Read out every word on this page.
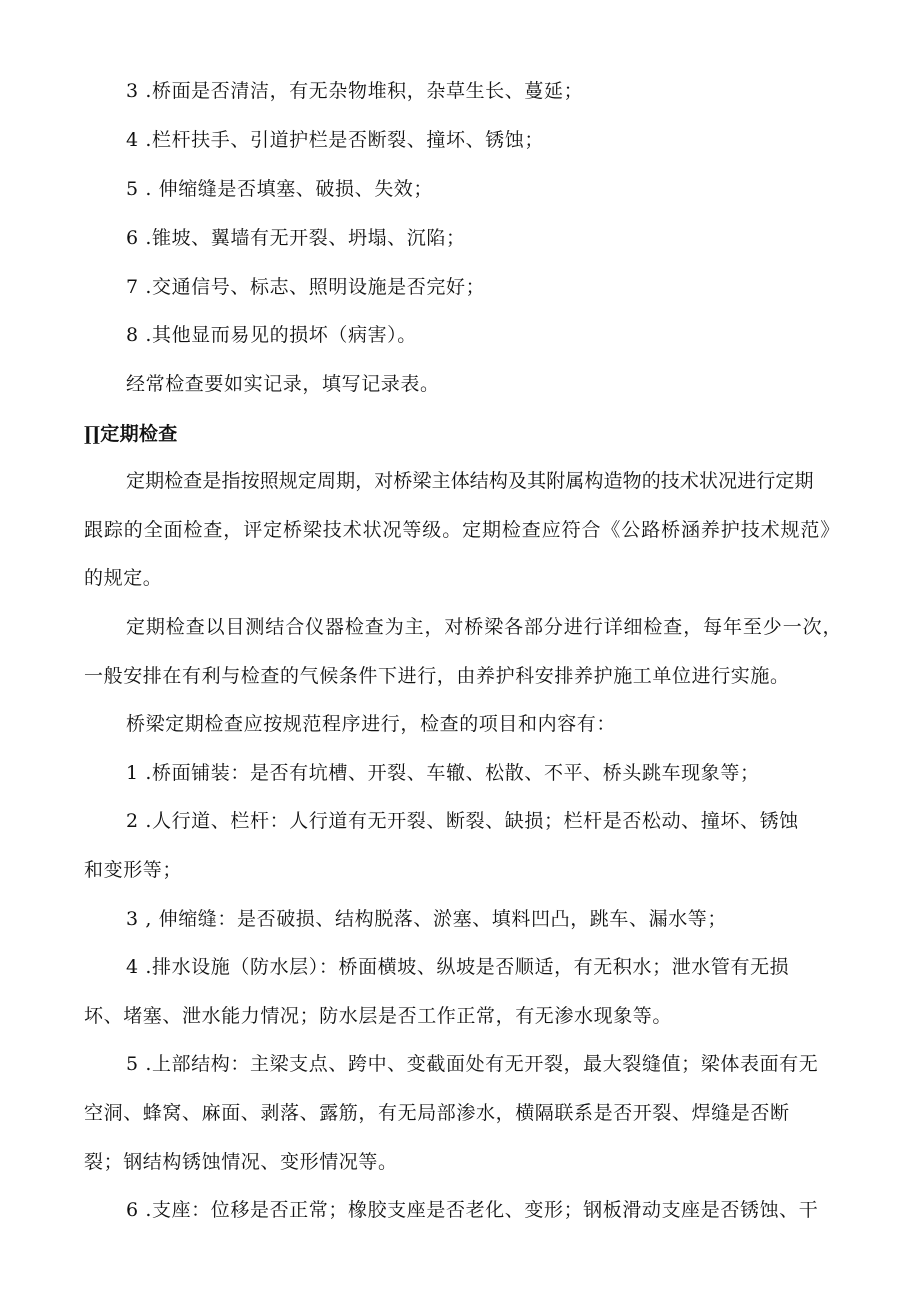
3 .桥面是否清洁，有无杂物堆积，杂草生长、蔓延；
4 .栏杆扶手、引道护栏是否断裂、撞坏、锈蚀；
5 . 伸缩缝是否填塞、破损、失效；
6 .锥坡、翼墙有无开裂、坍塌、沉陷；
7 .交通信号、标志、照明设施是否完好；
8 .其他显而易见的损坏（病害）。
经常检查要如实记录，填写记录表。
∏定期检查
定期检查是指按照规定周期，对桥梁主体结构及其附属构造物的技术状况进行定期
跟踪的全面检查，评定桥梁技术状况等级。定期检查应符合《公路桥涵养护技术规范》
的规定。
定期检查以目测结合仪器检查为主，对桥梁各部分进行详细检查，每年至少一次，
一般安排在有利与检查的气候条件下进行，由养护科安排养护施工单位进行实施。
桥梁定期检查应按规范程序进行，检查的项目和内容有：
1 .桥面铺装：是否有坑槽、开裂、车辙、松散、不平、桥头跳车现象等；
2 .人行道、栏杆：人行道有无开裂、断裂、缺损；栏杆是否松动、撞坏、锈蚀
和变形等；
3 , 伸缩缝：是否破损、结构脱落、淤塞、填料凹凸，跳车、漏水等；
4 .排水设施（防水层）：桥面横坡、纵坡是否顺适，有无积水；泄水管有无损
坏、堵塞、泄水能力情况；防水层是否工作正常，有无渗水现象等。
5 .上部结构：主梁支点、跨中、变截面处有无开裂，最大裂缝值；梁体表面有无
空洞、蜂窝、麻面、剥落、露筋，有无局部渗水，横隔联系是否开裂、焊缝是否断
裂；钢结构锈蚀情况、变形情况等。
6 .支座：位移是否正常；橡胶支座是否老化、变形；钢板滑动支座是否锈蚀、干
